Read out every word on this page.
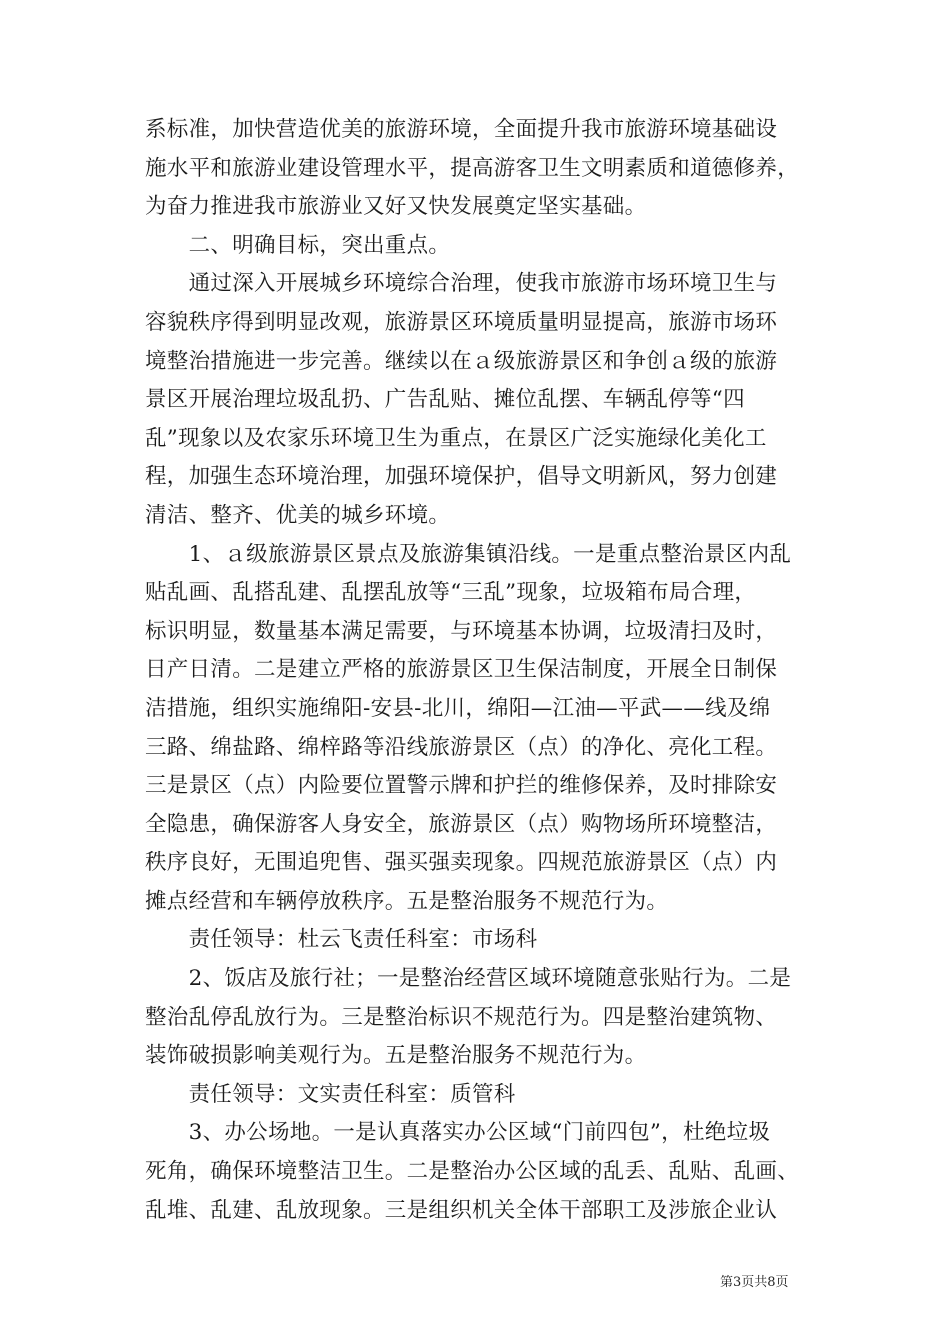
系标准，加快营造优美的旅游环境，全面提升我市旅游环境基础设
施水平和旅游业建设管理水平，提高游客卫生文明素质和道德修养，
为奋力推进我市旅游业又好又快发展奠定坚实基础。
　　二、明确目标，突出重点。
　　通过深入开展城乡环境综合治理，使我市旅游市场环境卫生与
容貌秩序得到明显改观，旅游景区环境质量明显提高，旅游市场环
境整治措施进一步完善。继续以在ａ级旅游景区和争创ａ级的旅游
景区开展治理垃圾乱扔、广告乱贴、摊位乱摆、车辆乱停等“四
乱”现象以及农家乐环境卫生为重点，在景区广泛实施绿化美化工
程，加强生态环境治理，加强环境保护，倡导文明新风，努力创建
清洁、整齐、优美的城乡环境。
　　1、ａ级旅游景区景点及旅游集镇沿线。一是重点整治景区内乱
贴乱画、乱搭乱建、乱摆乱放等“三乱”现象，垃圾箱布局合理，
标识明显，数量基本满足需要，与环境基本协调，垃圾清扫及时，
日产日清。二是建立严格的旅游景区卫生保洁制度，开展全日制保
洁措施，组织实施绵阳-安县-北川，绵阳—江油—平武——线及绵
三路、绵盐路、绵梓路等沿线旅游景区（点）的净化、亮化工程。
三是景区（点）内险要位置警示牌和护拦的维修保养，及时排除安
全隐患，确保游客人身安全，旅游景区（点）购物场所环境整洁，
秩序良好，无围追兜售、强买强卖现象。四规范旅游景区（点）内
摊点经营和车辆停放秩序。五是整治服务不规范行为。
　　责任领导：杜云飞责任科室：市场科
　　2、饭店及旅行社；一是整治经营区域环境随意张贴行为。二是
整治乱停乱放行为。三是整治标识不规范行为。四是整治建筑物、
装饰破损影响美观行为。五是整治服务不规范行为。
　　责任领导：文实责任科室：质管科
　　3、办公场地。一是认真落实办公区域“门前四包”，杜绝垃圾
死角，确保环境整洁卫生。二是整治办公区域的乱丢、乱贴、乱画、
乱堆、乱建、乱放现象。三是组织机关全体干部职工及涉旅企业认
第3页共8页
